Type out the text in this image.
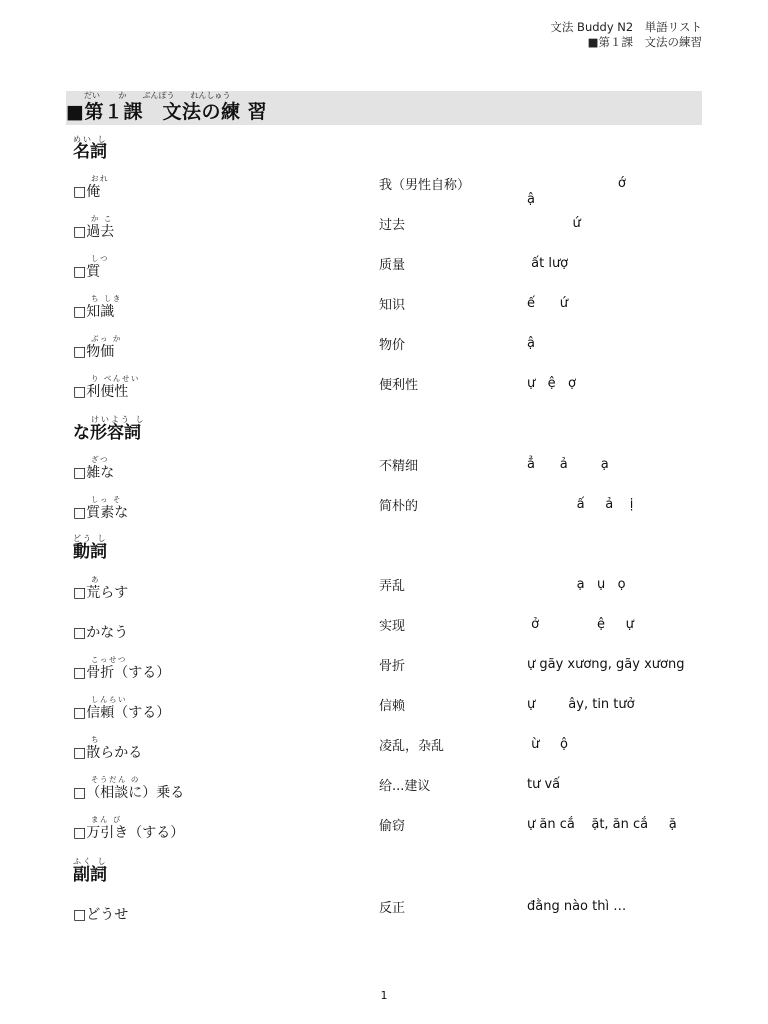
文法 Buddy N2　単語リスト
■第１課　文法の練習
だい　　 か　　ぶんぽう　　れんしゅう
■第１課　文法の練 習
めい し
名詞
おれ
□俺	我（男性自称）	ớ
ậ
か こ
□過去	过去	ứ
しつ
□質	质量	ất lượ
ち しき
□知識	知识	ế      ứ
ぶっ か
□物価	物价	ậ
り べんせい
□利便性	便利性	ự   ệ   ợ
けいよう し
な形容詞
ざつ
□雑な	不精细	ẳ      ả        ạ
しっ そ
□質素な	简朴的	ấ     ả    ị
どう し
動詞
あ
□荒らす	弄乱	ạ   ụ   ọ
□かなう	实现	ở              ệ     ự
こっせつ
□骨折（する）	骨折	ự gãy xương, gãy xương
しんらい
□信頼（する）	信赖	ự        ây, tin tưở
ち
□散らかる	凌乱，杂乱	ừ     ộ
そうだん の
□（相談に）乗る	给...建议	tư vấ
まん び
□万引き（する）	偷窃	ự ăn cắ    ặt, ăn cắ     ặ
ふく し
副詞
□どうせ	反正	đằng nào thì …
1
